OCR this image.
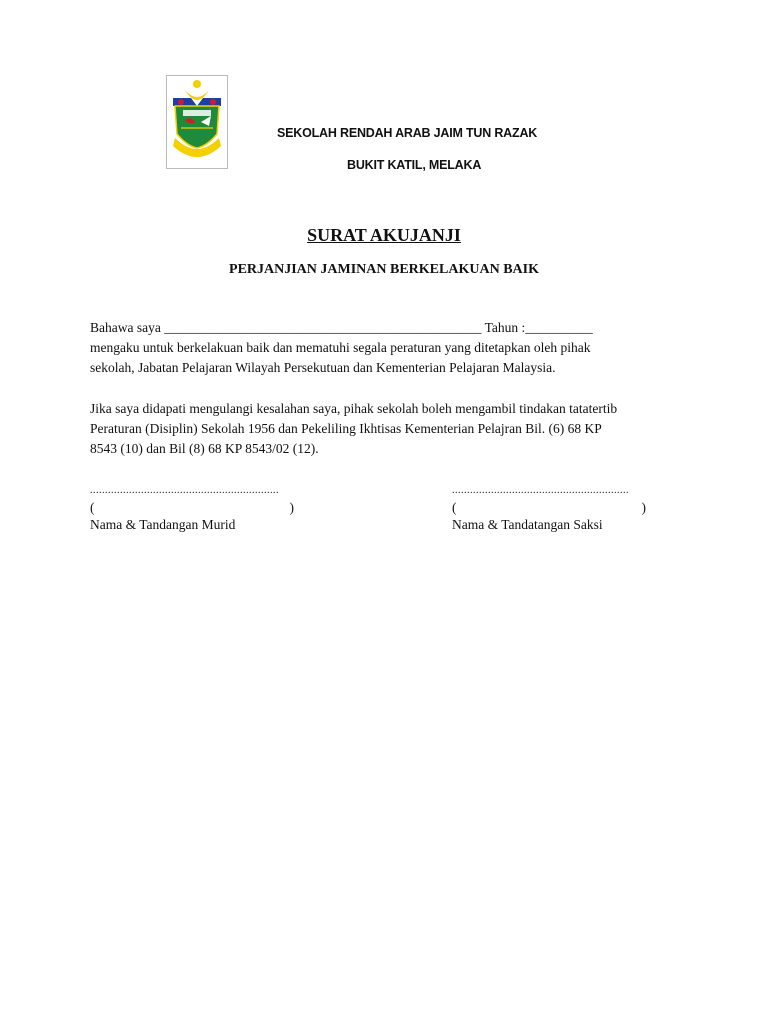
SEKOLAH RENDAH ARAB JAIM TUN RAZAK
BUKIT KATIL, MELAKA
SURAT AKUJANJI
PERJANJIAN JAMINAN BERKELAKUAN BAIK

Bahawa saya _______________________________________________ Tahun :__________

mengaku untuk berkelakuan baik dan mematuhi segala peraturan yang ditetapkan oleh pihak

sekolah, Jabatan Pelajaran Wilayah Persekutuan dan Kementerian Pelajaran Malaysia.

Jika saya didapati mengulangi kesalahan saya, pihak sekolah boleh mengambil tindakan tatatertib

Peraturan (Disiplin) Sekolah 1956 dan Pekeliling Ikhtisas Kementerian Pelajran Bil. (6) 68 KP

8543 (10) dan Bil (8) 68 KP 8543/02 (12).

...............................................................
(	)
Nama & Tandangan Murid
...........................................................
(	)
Nama & Tandatangan Saksi
